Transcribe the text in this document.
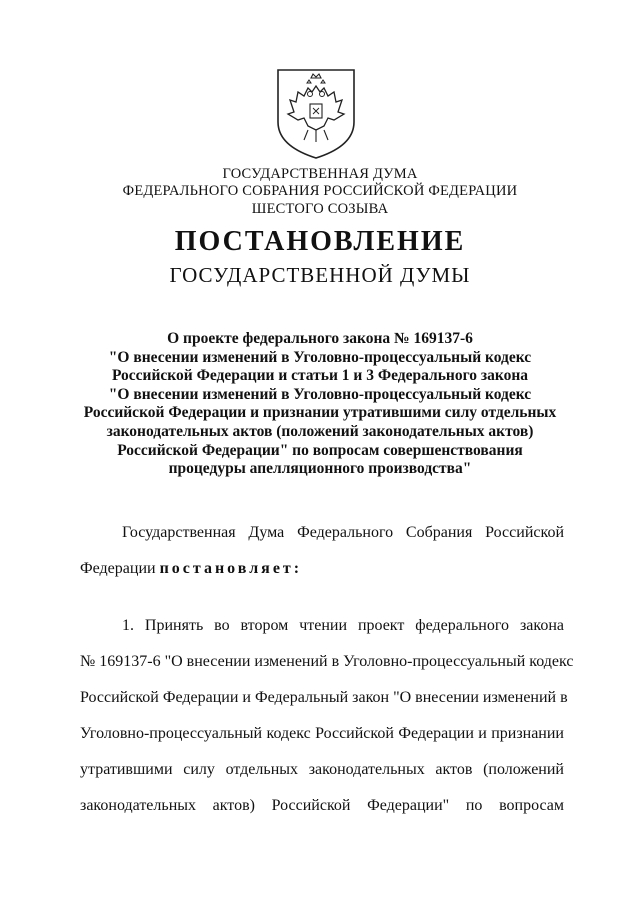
ГОСУДАРСТВЕННАЯ ДУМА
ФЕДЕРАЛЬНОГО СОБРАНИЯ РОССИЙСКОЙ ФЕДЕРАЦИИ
ШЕСТОГО СОЗЫВА
ПОСТАНОВЛЕНИЕ
ГОСУДАРСТВЕННОЙ ДУМЫ
О проекте федерального закона № 169137-6
"О внесении изменений в Уголовно-процессуальный кодекс
Российской Федерации и статьи 1 и 3 Федерального закона
"О внесении изменений в Уголовно-процессуальный кодекс
Российской Федерации и признании утратившими силу отдельных
законодательных актов (положений законодательных актов)
Российской Федерации" по вопросам совершенствования
процедуры апелляционного производства"
Государственная Дума Федерального Собрания Российской
Федерации постановляет:
1. Принять во втором чтении проект федерального закона
№ 169137-6 "О внесении изменений в Уголовно-процессуальный кодекс
Российской Федерации и Федеральный закон "О внесении изменений в
Уголовно-процессуальный кодекс Российской Федерации и признании
утратившими силу отдельных законодательных актов (положений
законодательных актов) Российской Федерации" по вопросам
